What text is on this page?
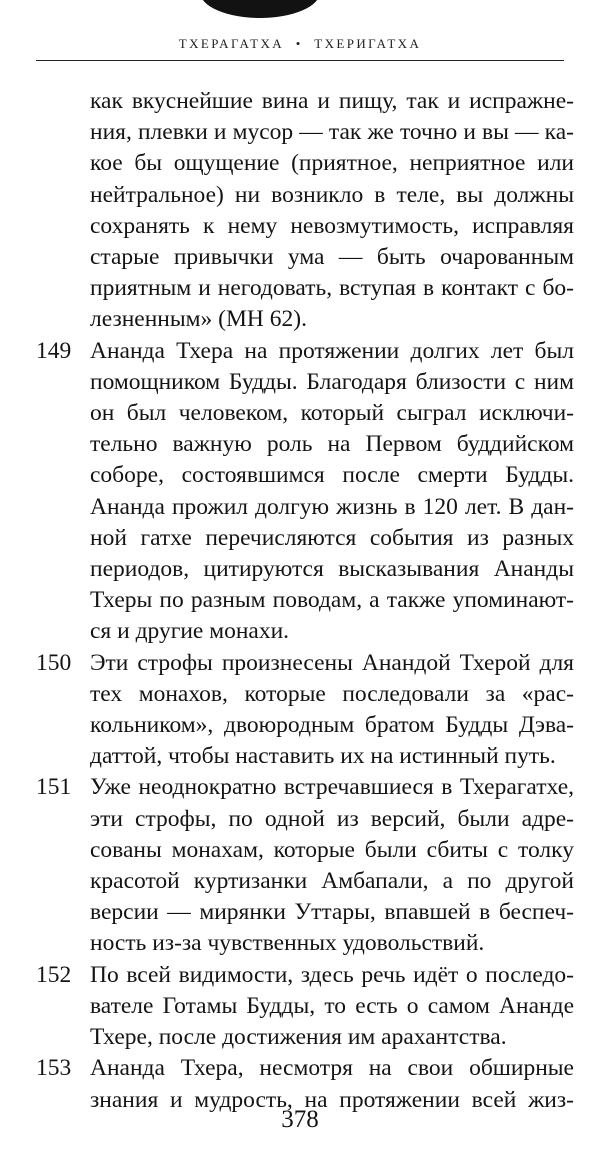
ТХЕРАГАТХА • ТХЕРИГАТХА
как вкуснейшие вина и пищу, так и испражне-
ния, плевки и мусор — так же точно и вы — ка-
кое бы ощущение (приятное, неприятное или
нейтральное) ни возникло в теле, вы должны
сохранять к нему невозмутимость, исправляя
старые привычки ума — быть очарованным
приятным и негодовать, вступая в контакт с бо-
лезненным» (MH 62).
149 Ананда Тхера на протяжении долгих лет был
помощником Будды. Благодаря близости с ним
он был человеком, который сыграл исключи-
тельно важную роль на Первом буддийском
соборе, состоявшимся после смерти Будды.
Ананда прожил долгую жизнь в 120 лет. В дан-
ной гатхе перечисляются события из разных
периодов, цитируются высказывания Ананды
Тхеры по разным поводам, а также упоминают-
ся и другие монахи.
150 Эти строфы произнесены Анандой Тхерой для
тех монахов, которые последовали за «рас-
кольником», двоюродным братом Будды Дэва-
даттой, чтобы наставить их на истинный путь.
151 Уже неоднократно встречавшиеся в Тхерагатхе,
эти строфы, по одной из версий, были адре-
сованы монахам, которые были сбиты с толку
красотой куртизанки Амбапали, а по другой
версии — мирянки Уттары, впавшей в беспеч-
ность из-за чувственных удовольствий.
152 По всей видимости, здесь речь идёт о последо-
вателе Готамы Будды, то есть о самом Ананде
Тхере, после достижения им арахантства.
153 Ананда Тхера, несмотря на свои обширные
знания и мудрость, на протяжении всей жиз-
378
